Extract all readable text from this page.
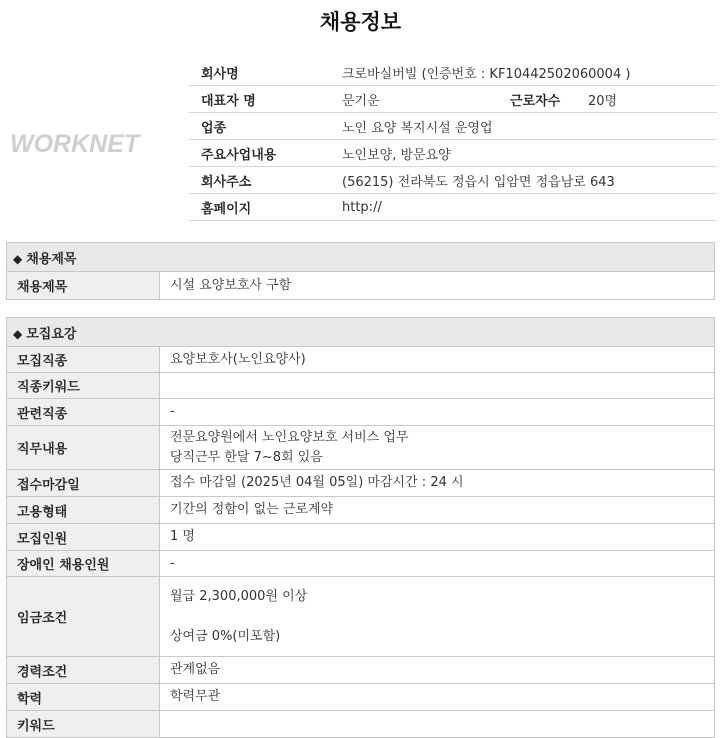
채용정보
WORKNET
회사명	크로바실버빌 (인증번호 : KF10442502060004 )
대표자 명	문기운 근로자수 20명

업종	노인 요양 복지시설 운영업
주요사업내용	노인보양, 방문요양
회사주소	(56215) 전라북도 정읍시 입암면 정읍남로 643
홈페이지	http://
◆ 채용제목
채용제목	시설 요양보호사 구함
◆ 모집요강	
모집직종	요양보호사(노인요양사)

직종키워드	

관련직종	-

직무내용	전문요양원에서 노인요양보호 서비스 업무
당직근무 한달 7~8회 있음

접수마감일	접수 마감일 (2025년 04월 05일) 마감시간 : 24 시

고용형태	기간의 정함이 없는 근로계약

모집인원	1 명

장애인 채용인원	-

임금조건	월급 2,300,000원 이상

상여금 0%(미포함)

경력조건	관계없음

학력	학력무관

키워드	
